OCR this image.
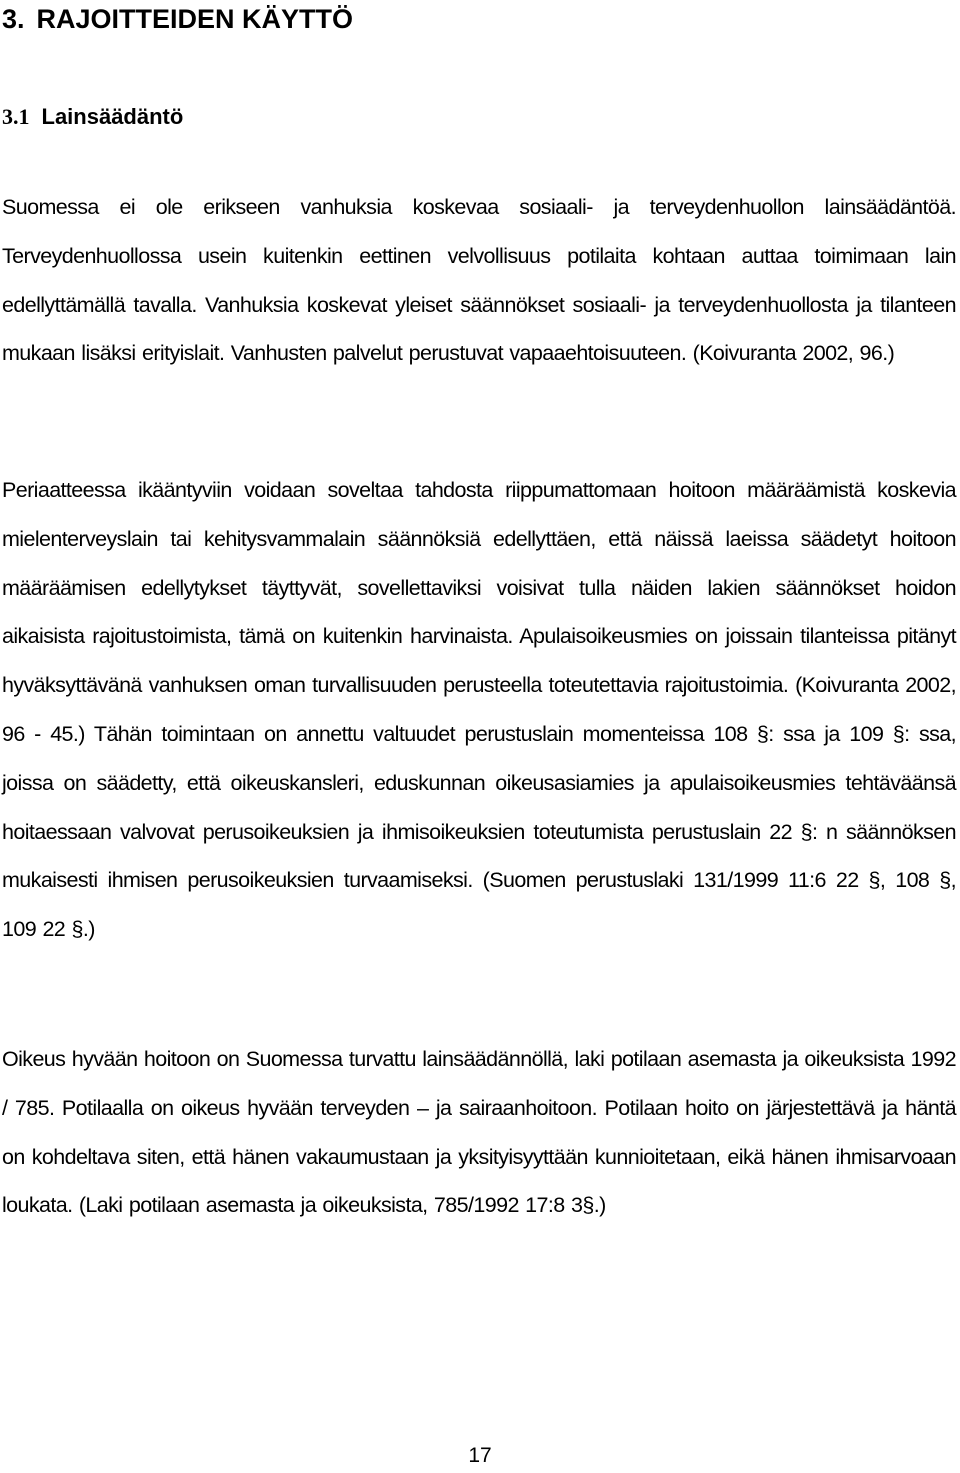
3. RAJOITTEIDEN KÄYTTÖ
3.1 Lainsäädäntö
Suomessa ei ole erikseen vanhuksia koskevaa sosiaali- ja terveydenhuollon lainsäädäntöä. Terveydenhuollossa usein kuitenkin eettinen velvollisuus potilaita kohtaan auttaa toimimaan lain edellyttämällä tavalla. Vanhuksia koskevat yleiset säännökset sosiaali- ja terveydenhuollosta ja tilanteen mukaan lisäksi erityislait. Vanhusten palvelut perustuvat vapaaehtoisuuteen. (Koivuranta 2002, 96.)
Periaatteessa ikääntyviin voidaan soveltaa tahdosta riippumattomaan hoitoon määräämistä koskevia mielenterveyslain tai kehitysvammalain säännöksiä edellyttäen, että näissä laeissa säädetyt hoitoon määräämisen edellytykset täyttyvät, sovellettaviksi voisivat tulla näiden lakien säännökset hoidon aikaisista rajoitustoimista, tämä on kuitenkin harvinaista. Apulaisoikeusmies on joissain tilanteissa pitänyt hyväksyttävänä vanhuksen oman turvallisuuden perusteella toteutettavia rajoitustoimia. (Koivuranta 2002, 96 - 45.) Tähän toimintaan on annettu valtuudet perustuslain momenteissa 108 §: ssa ja 109 §: ssa, joissa on säädetty, että oikeuskansleri, eduskunnan oikeusasiamies ja apulaisoikeusmies tehtäväänsä hoitaessaan valvovat perusoikeuksien ja ihmisoikeuksien toteutumista perustuslain 22 §: n säännöksen mukaisesti ihmisen perusoikeuksien turvaamiseksi. (Suomen perustuslaki 131/1999 11:6 22 §, 108 §, 109 22 §.)
Oikeus hyvään hoitoon on Suomessa turvattu lainsäädännöllä, laki potilaan asemasta ja oikeuksista 1992 / 785. Potilaalla on oikeus hyvään terveyden – ja sairaanhoitoon. Potilaan hoito on järjestettävä ja häntä on kohdeltava siten, että hänen vakaumustaan ja yksityisyyttään kunnioitetaan, eikä hänen ihmisarvoaan loukata. (Laki potilaan asemasta ja oikeuksista, 785/1992 17:8 3§.)
17
